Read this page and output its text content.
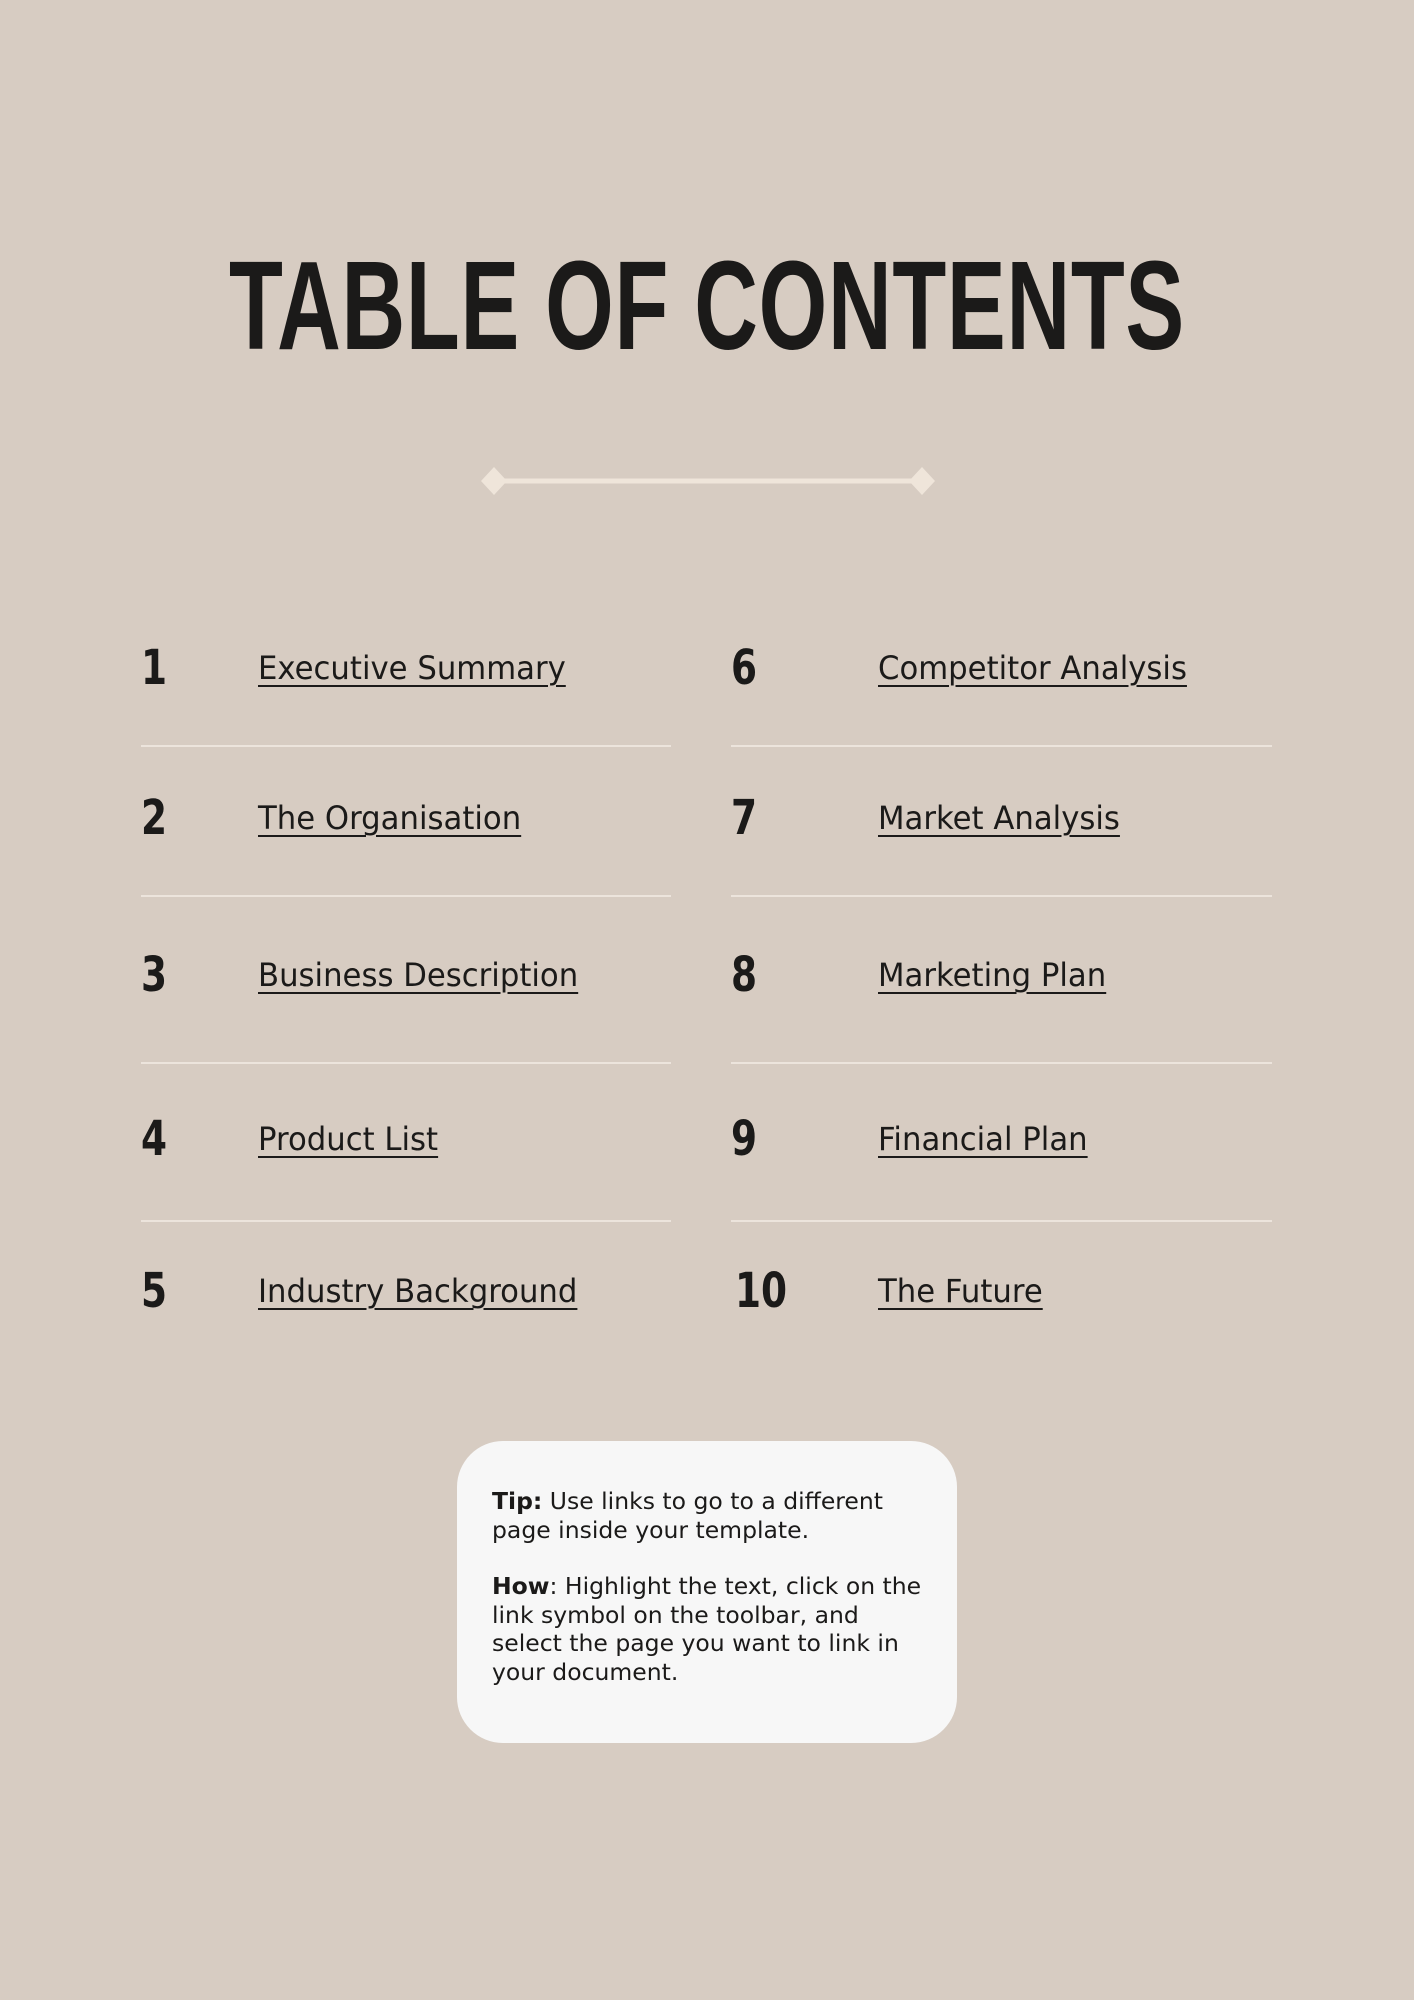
TABLE OF CONTENTS
1	Executive Summary
2	The Organisation
3	Business Description
4	Product List
5	Industry Background
6	Competitor Analysis
7	Market Analysis
8	Marketing Plan
9	Financial Plan
10	The Future

Tip: Use links to go to a different page inside your template.

How: Highlight the text, click on the link symbol on the toolbar, and select the page you want to link in your document.
